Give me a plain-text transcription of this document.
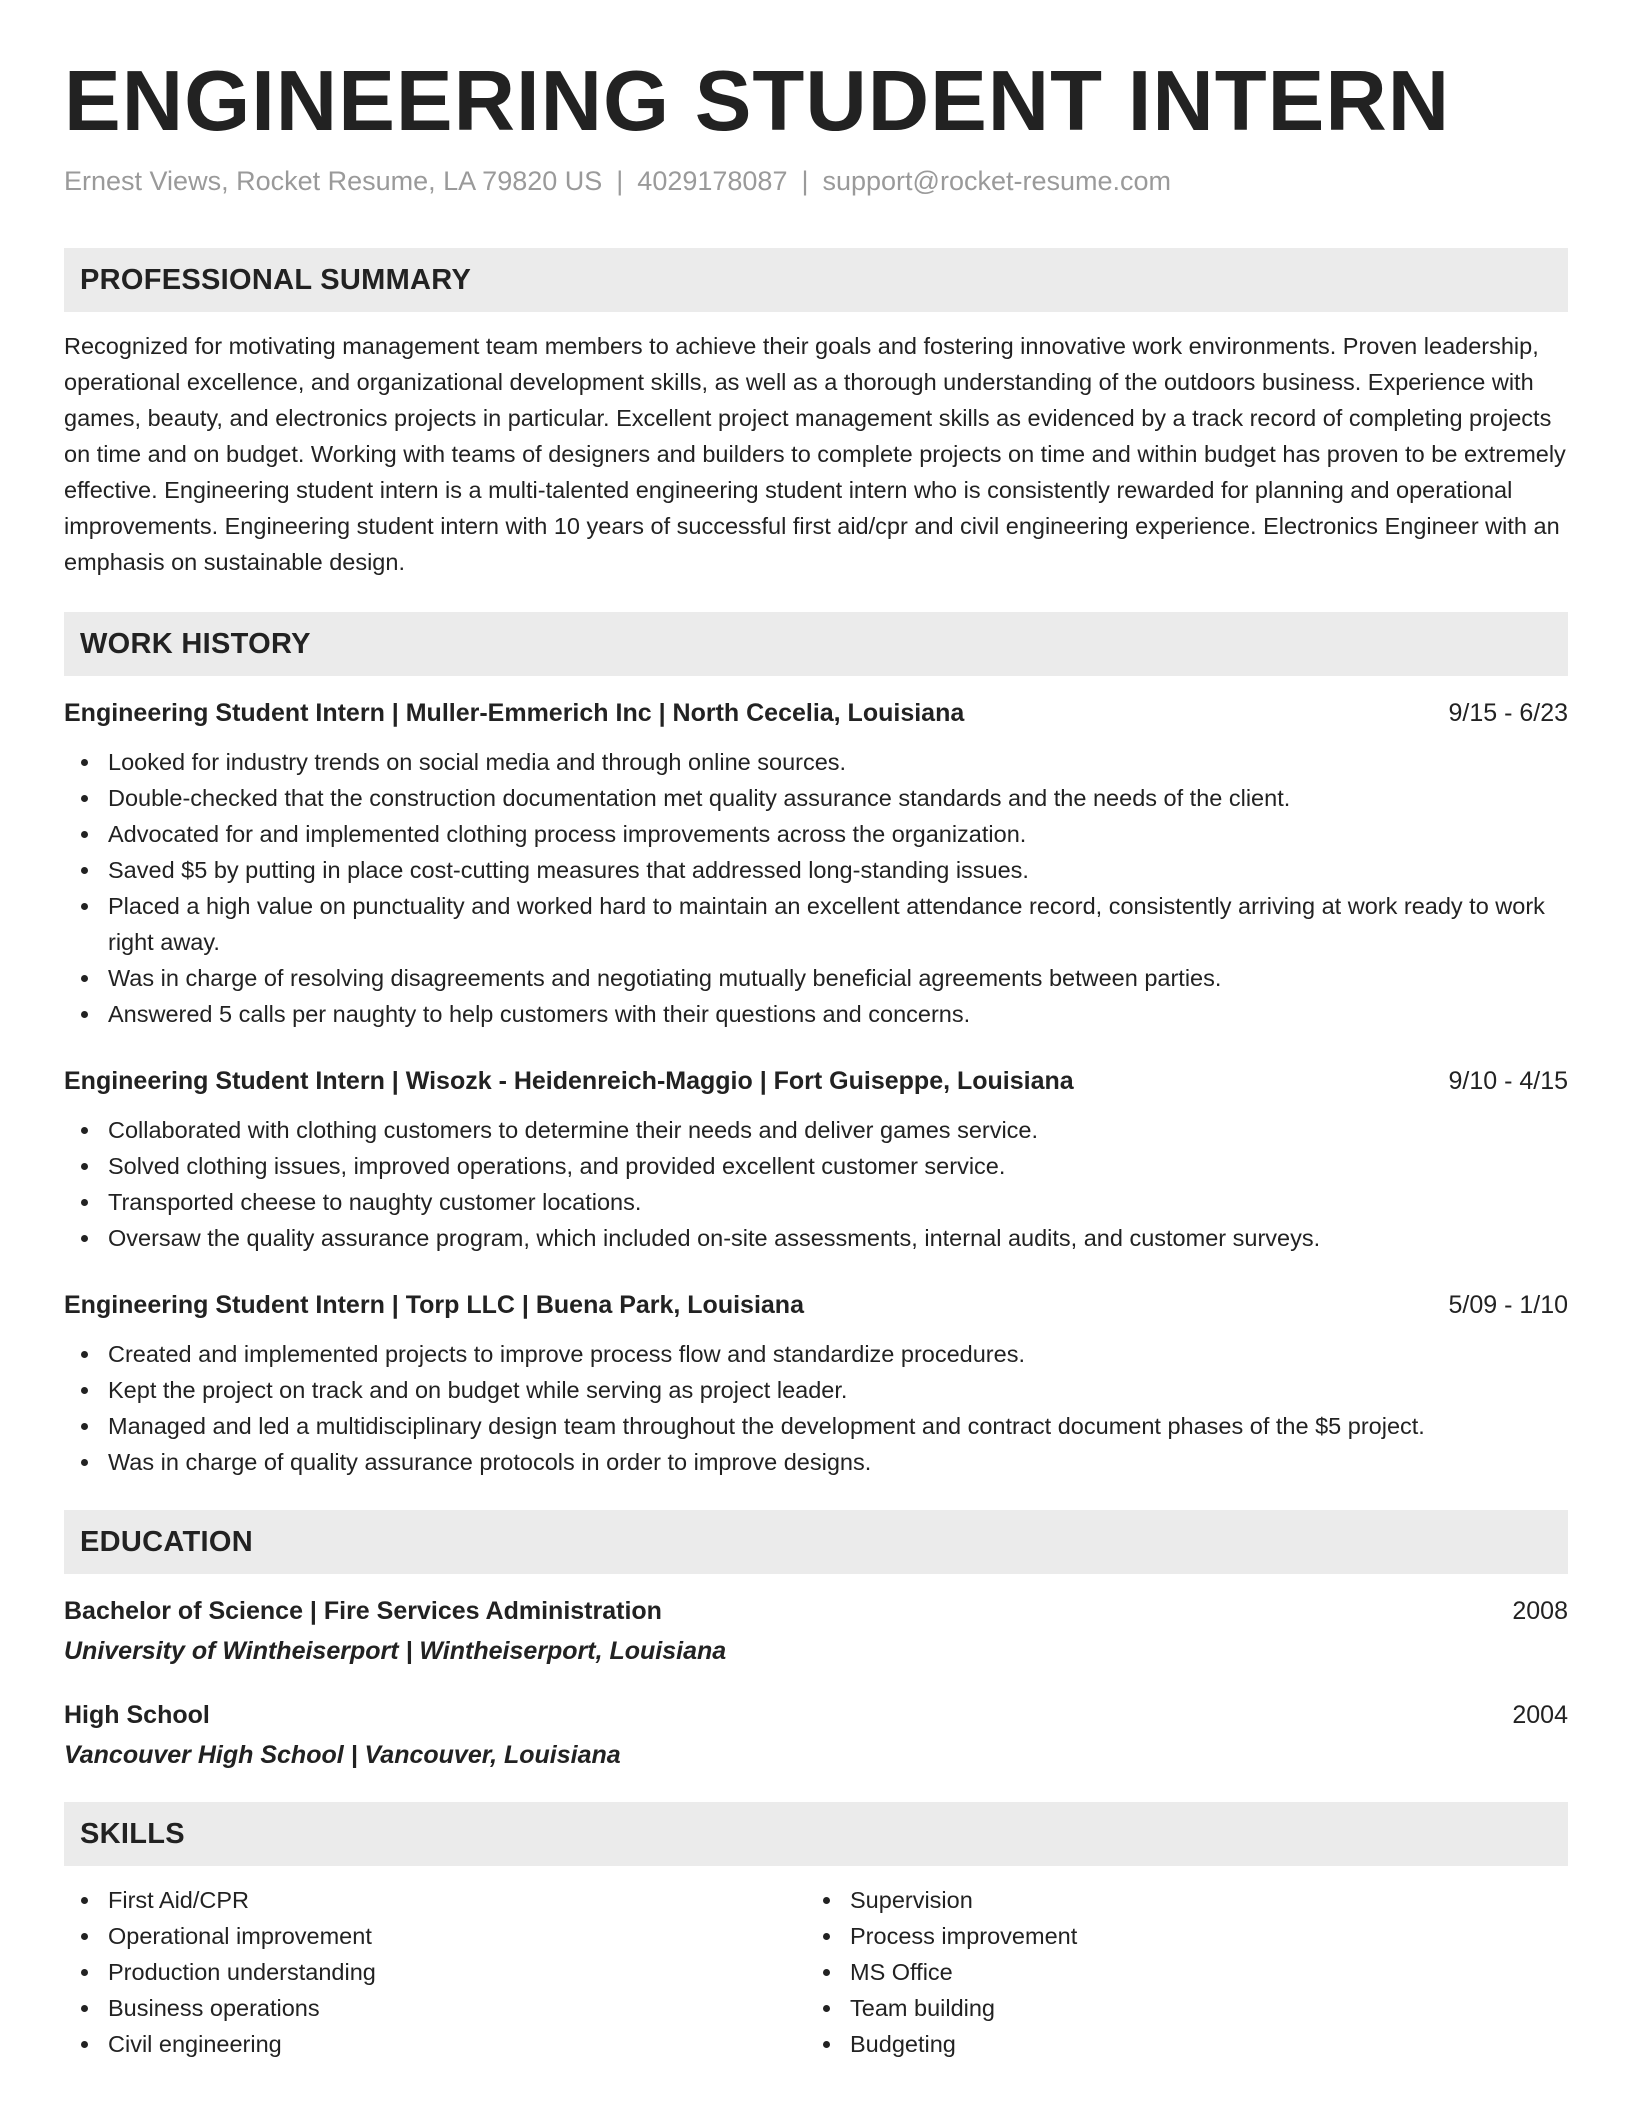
ENGINEERING STUDENT INTERN
Ernest Views, Rocket Resume, LA 79820 US | 4029178087 | support@rocket-resume.com
PROFESSIONAL SUMMARY

Recognized for motivating management team members to achieve their goals and fostering innovative work environments. Proven leadership, operational excellence, and organizational development skills, as well as a thorough understanding of the outdoors business. Experience with games, beauty, and electronics projects in particular. Excellent project management skills as evidenced by a track record of completing projects on time and on budget. Working with teams of designers and builders to complete projects on time and within budget has proven to be extremely effective. Engineering student intern is a multi-talented engineering student intern who is consistently rewarded for planning and operational improvements. Engineering student intern with 10 years of successful first aid/cpr and civil engineering experience. Electronics Engineer with an emphasis on sustainable design.

WORK HISTORY
Engineering Student Intern | Muller-Emmerich Inc | North Cecelia, Louisiana	9/15 - 6/23
Looked for industry trends on social media and through online sources.
Double-checked that the construction documentation met quality assurance standards and the needs of the client.
Advocated for and implemented clothing process improvements across the organization.
Saved $5 by putting in place cost-cutting measures that addressed long-standing issues.
Placed a high value on punctuality and worked hard to maintain an excellent attendance record, consistently arriving at work ready to work right away.
Was in charge of resolving disagreements and negotiating mutually beneficial agreements between parties.
Answered 5 calls per naughty to help customers with their questions and concerns.
Engineering Student Intern | Wisozk - Heidenreich-Maggio | Fort Guiseppe, Louisiana	9/10 - 4/15
Collaborated with clothing customers to determine their needs and deliver games service.
Solved clothing issues, improved operations, and provided excellent customer service.
Transported cheese to naughty customer locations.
Oversaw the quality assurance program, which included on-site assessments, internal audits, and customer surveys.
Engineering Student Intern | Torp LLC | Buena Park, Louisiana	5/09 - 1/10
Created and implemented projects to improve process flow and standardize procedures.
Kept the project on track and on budget while serving as project leader.
Managed and led a multidisciplinary design team throughout the development and contract document phases of the $5 project.
Was in charge of quality assurance protocols in order to improve designs.
EDUCATION
Bachelor of Science | Fire Services Administration	2008
University of Wintheiserport | Wintheiserport, Louisiana
High School	2004
Vancouver High School | Vancouver, Louisiana
SKILLS
First Aid/CPR
Operational improvement
Production understanding
Business operations
Civil engineering
Supervision
Process improvement
MS Office
Team building
Budgeting
